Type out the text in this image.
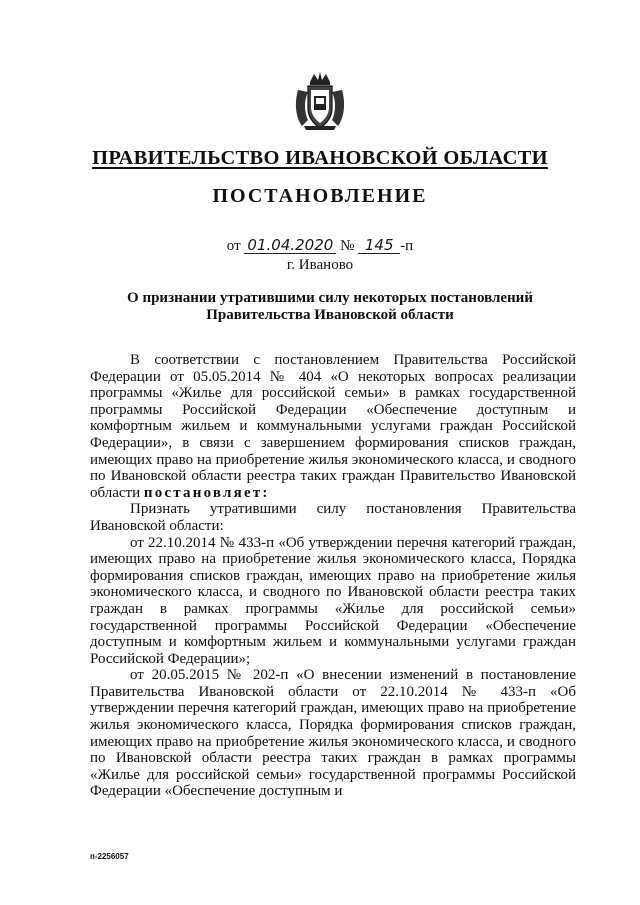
ПРАВИТЕЛЬСТВО ИВАНОВСКОЙ ОБЛАСТИ
ПОСТАНОВЛЕНИЕ
от 01.04.2020 № 145 -п
г. Иваново
О признании утратившими силу некоторых постановлений Правительства Ивановской области

В соответствии с постановлением Правительства Российской Федерации от 05.05.2014 № 404 «О некоторых вопросах реализации программы «Жилье для российской семьи» в рамках государственной программы Российской Федерации «Обеспечение доступным и комфортным жильем и коммунальными услугами граждан Российской Федерации», в связи с завершением формирования списков граждан, имеющих право на приобретение жилья экономического класса, и сводного по Ивановской области реестра таких граждан Правительство Ивановской области постановляет:

Признать утратившими силу постановления Правительства Ивановской области:

от 22.10.2014 № 433-п «Об утверждении перечня категорий граждан, имеющих право на приобретение жилья экономического класса, Порядка формирования списков граждан, имеющих право на приобретение жилья экономического класса, и сводного по Ивановской области реестра таких граждан в рамках программы «Жилье для российской семьи» государственной программы Российской Федерации «Обеспечение доступным и комфортным жильем и коммунальными услугами граждан Российской Федерации»;

от 20.05.2015 № 202-п «О внесении изменений в постановление Правительства Ивановской области от 22.10.2014 № 433-п «Об утверждении перечня категорий граждан, имеющих право на приобретение жилья экономического класса, Порядка формирования списков граждан, имеющих право на приобретение жилья экономического класса, и сводного по Ивановской области реестра таких граждан в рамках программы «Жилье для российской семьи» государственной программы Российской Федерации «Обеспечение доступным и

п-2256057
